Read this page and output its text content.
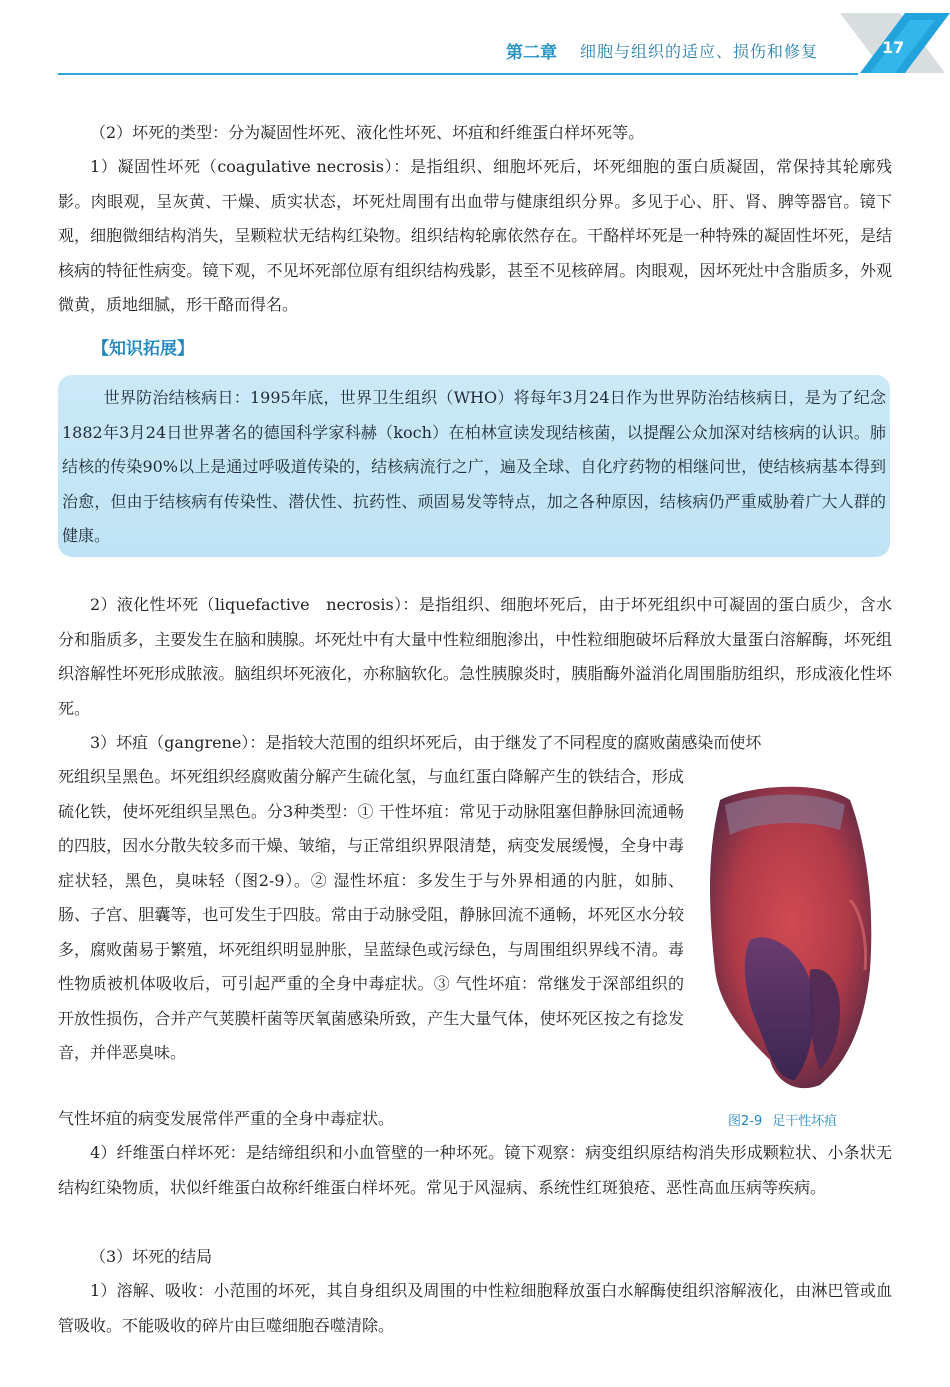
第二章 细胞与组织的适应、损伤和修复	17

（2）坏死的类型：分为凝固性坏死、液化性坏死、坏疽和纤维蛋白样坏死等。

1）凝固性坏死（coagulative necrosis）：是指组织、细胞坏死后，坏死细胞的蛋白质凝固，常保持其轮廓残影。肉眼观，呈灰黄、干燥、质实状态，坏死灶周围有出血带与健康组织分界。多见于心、肝、肾、脾等器官。镜下观，细胞微细结构消失，呈颗粒状无结构红染物。组织结构轮廓依然存在。干酪样坏死是一种特殊的凝固性坏死，是结核病的特征性病变。镜下观，不见坏死部位原有组织结构残影，甚至不见核碎屑。肉眼观，因坏死灶中含脂质多，外观微黄，质地细腻，形干酪而得名。

【知识拓展】

世界防治结核病日：1995年底，世界卫生组织（WHO）将每年3月24日作为世界防治结核病日，是为了纪念1882年3月24日世界著名的德国科学家科赫（koch）在柏林宣读发现结核菌，以提醒公众加深对结核病的认识。肺结核的传染90%以上是通过呼吸道传染的，结核病流行之广，遍及全球、自化疗药物的相继问世，使结核病基本得到治愈，但由于结核病有传染性、潜伏性、抗药性、顽固易发等特点，加之各种原因，结核病仍严重威胁着广大人群的健康。

2）液化性坏死（liquefactive　necrosis）：是指组织、细胞坏死后，由于坏死组织中可凝固的蛋白质少，含水分和脂质多，主要发生在脑和胰腺。坏死灶中有大量中性粒细胞渗出，中性粒细胞破坏后释放大量蛋白溶解酶，坏死组织溶解性坏死形成脓液。脑组织坏死液化，亦称脑软化。急性胰腺炎时，胰脂酶外溢消化周围脂肪组织，形成液化性坏死。

3）坏疽（gangrene）：是指较大范围的组织坏死后，由于继发了不同程度的腐败菌感染而使坏

死组织呈黑色。坏死组织经腐败菌分解产生硫化氢，与血红蛋白降解产生的铁结合，形成硫化铁，使坏死组织呈黑色。分3种类型：① 干性坏疽：常见于动脉阻塞但静脉回流通畅的四肢，因水分散失较多而干燥、皱缩，与正常组织界限清楚，病变发展缓慢，全身中毒症状轻，黑色，臭味轻（图2-9）。② 湿性坏疽：多发生于与外界相通的内脏，如肺、肠、子宫、胆囊等，也可发生于四肢。常由于动脉受阻，静脉回流不通畅，坏死区水分较多，腐败菌易于繁殖，坏死组织明显肿胀，呈蓝绿色或污绿色，与周围组织界线不清。毒性物质被机体吸收后，可引起严重的全身中毒症状。③ 气性坏疽：常继发于深部组织的开放性损伤，合并产气荚膜杆菌等厌氧菌感染所致，产生大量气体，使坏死区按之有捻发音，并伴恶臭味。

气性坏疽的病变发展常伴严重的全身中毒症状。	图2-9 足干性坏疽

4）纤维蛋白样坏死：是结缔组织和小血管壁的一种坏死。镜下观察：病变组织原结构消失形成颗粒状、小条状无结构红染物质，状似纤维蛋白故称纤维蛋白样坏死。常见于风湿病、系统性红斑狼疮、恶性高血压病等疾病。

（3）坏死的结局

1）溶解、吸收：小范围的坏死，其自身组织及周围的中性粒细胞释放蛋白水解酶使组织溶解液化，由淋巴管或血管吸收。不能吸收的碎片由巨噬细胞吞噬清除。
